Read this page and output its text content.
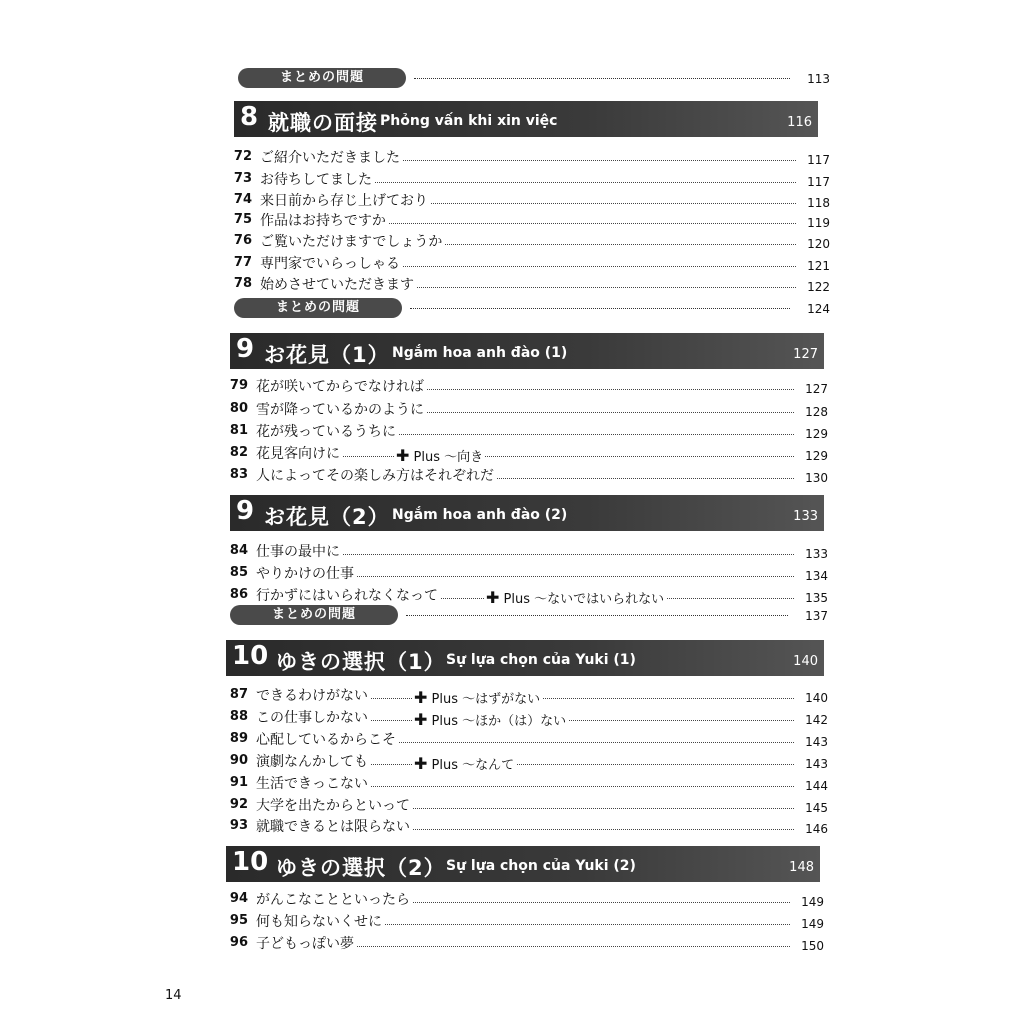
まとめの問題	113
8 就職の面接 Phỏng vấn khi xin việc	116
72 ご紹介いただきました	117
73 お待ちしてました	117
74 来日前から存じ上げており	118
75 作品はお持ちですか	119
76 ご覧いただけますでしょうか	120
77 専門家でいらっしゃる	121
78 始めさせていただきます	122
まとめの問題	124
9 お花見（1） Ngắm hoa anh đào (1)	127
79 花が咲いてからでなければ	127
80 雪が降っているかのように	128
81 花が残っているうちに	129
82 花見客向けに	✚ Plus 〜向き	129
83 人によってその楽しみ方はそれぞれだ	130
9 お花見（2） Ngắm hoa anh đào (2)	133
84 仕事の最中に	133
85 やりかけの仕事	134
86 行かずにはいられなくなって	✚ Plus 〜ないではいられない	135
まとめの問題	137
10 ゆきの選択（1） Sự lựa chọn của Yuki (1)	140
87 できるわけがない	✚ Plus 〜はずがない	140
88 この仕事しかない	✚ Plus 〜ほか（は）ない	142
89 心配しているからこそ	143
90 演劇なんかしても	✚ Plus 〜なんて	143
91 生活できっこない	144
92 大学を出たからといって	145
93 就職できるとは限らない	146
10 ゆきの選択（2） Sự lựa chọn của Yuki (2)	148
94 がんこなことといったら	149
95 何も知らないくせに	149
96 子どもっぽい夢	150
14
